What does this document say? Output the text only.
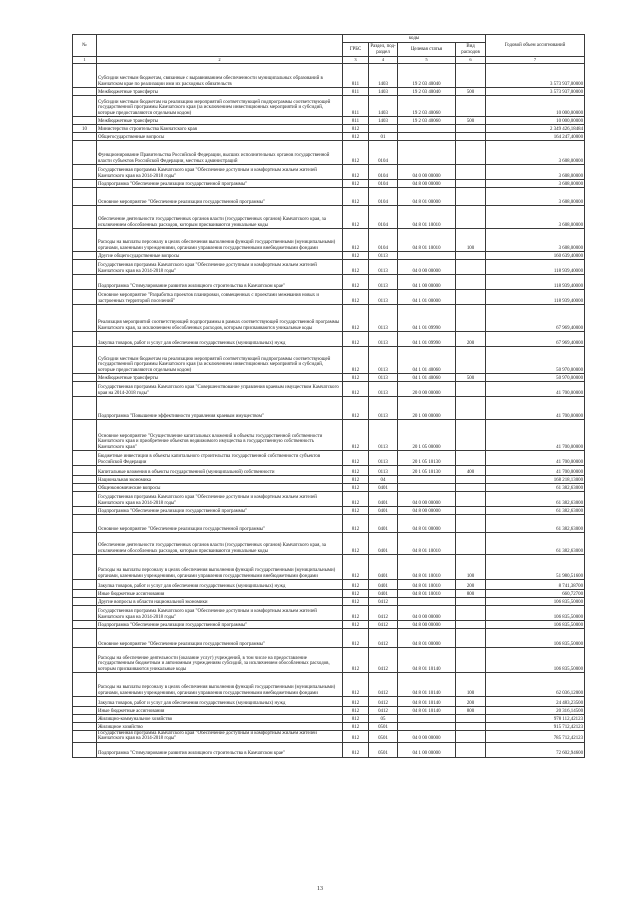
№		коды				Годовой объем ассигнований
		ГРБС	Раздел, под-раздел	Целевая статья	Вид расходов	
1	2	3	4	5	6	7
	Субсидии местным бюджетам, связанные с выравниванием обеспеченности муниципальных образований в Камчатском крае по реализации ими их расходных обязательств	811	1403	19 2 03 40040		3 573 937,00000
	Межбюджетные трансферты	811	1403	19 2 03 40040	500	3 573 937,00000
	Субсидии местным бюджетам на реализацию мероприятий соответствующей подпрограммы соответствующей государственной программы Камчатского края (за исключением инвестиционных мероприятий и субсидий, которые предоставляются отдельным кодом)	811	1403	19 2 03 40060		10 000,00000
	Межбюджетные трансферты	811	1403	19 2 03 40060	500	10 000,00000
10	Министерство строительства Камчатского края	812				2 349 426,18484
	Общегосударственные вопросы	812	01			164 247,40000
	Функционирование Правительства Российской Федерации, высших исполнительных органов государственной власти субъектов Российской Федерации, местных администраций	812	0104			3 608,00000
	Государственная программа Камчатского края "Обеспечение доступным и комфортным жильем жителей Камчатского края на 2014-2018 годы"	812	0104	04 0 00 00000		3 608,00000
	Подпрограмма "Обеспечение реализации государственной программы"	812	0104	04 8 00 00000		3 608,00000
	Основное мероприятие "Обеспечение реализации государственной программы"	812	0104	04 8 01 00000		3 608,00000
	Обеспечение деятельности государственных органов власти (государственных органов) Камчатского края, за исключением обособленных расходов, которым присваиваются уникальные коды	812	0104	04 8 01 10010		3 608,00000
	Расходы на выплаты персоналу в целях обеспечения выполнения функций государственными (муниципальными) органами, казенными учреждениями, органами управления государственными внебюджетными фондами	812	0104	04 8 01 10010	100	3 608,00000
	Другие общегосударственные вопросы	812	0113			160 639,40000
	Государственная программа Камчатского края "Обеспечение доступным и комфортным жильем жителей Камчатского края на 2014-2018 годы"	812	0113	04 0 00 00000		118 939,40000
	Подпрограмма "Стимулирование развития жилищного строительства в Камчатском крае"	812	0113	04 1 00 00000		118 939,40000
	Основное мероприятие "Разработка проектов планировки, совмещенных с проектами межевания новых и застроенных территорий поселений"	812	0113	04 1 01 00000		118 939,40000
	Реализация мероприятий соответствующей подпрограммы в рамках соответствующей государственной программы Камчатского края, за исключением обособленных расходов, которым присваиваются уникальные коды	812	0113	04 1 01 09990		67 969,40000
	Закупка товаров, работ и услуг для обеспечения государственных (муниципальных) нужд	812	0113	04 1 01 09990	200	67 969,40000
	Субсидии местным бюджетам на реализацию мероприятий соответствующей подпрограммы соответствующей государственной программы Камчатского края (за исключением инвестиционных мероприятий и субсидий, которые предоставляются отдельным кодом)	812	0113	04 1 01 40060		50 970,00000
	Межбюджетные трансферты	812	0113	04 1 01 40060	500	50 970,00000
	Государственная программа Камчатского края "Совершенствование управления краевым имуществом Камчатского края на 2014-2018 годы"	812	0113	20 0 00 00000		41 700,00000
	Подпрограмма "Повышение эффективности управления краевым имуществом"	812	0113	20 1 00 00000		41 700,00000
	Основное мероприятие "Осуществление капитальных вложений в объекты государственной собственности Камчатского края и приобретение объектов недвижимого имущества в государственную собственность Камчатского края"	812	0113	20 1 05 00000		41 700,00000
	Бюджетные инвестиции в объекты капитального строительства государственной собственности субъектов Российской Федерации	812	0113	20 1 05 10130		41 700,00000
	Капитальные вложения в объекты государственной (муниципальной) собственности	812	0113	20 1 05 10130	400	41 700,00000
	Национальная экономика	812	04			168 218,13000
	Общеэкономические вопросы	812	0401			61 382,63000
	Государственная программа Камчатского края "Обеспечение доступным и комфортным жильем жителей Камчатского края на 2014-2018 годы"	812	0401	04 0 00 00000		61 382,63000
	Подпрограмма "Обеспечение реализации государственной программы"	812	0401	04 8 00 00000		61 382,63000
	Основное мероприятие "Обеспечение реализации государственной программы"	812	0401	04 8 01 00000		61 382,63000
	Обеспечение деятельности государственных органов власти (государственных органов) Камчатского края, за исключением обособленных расходов, которым присваиваются уникальные коды	812	0401	04 8 01 10010		61 382,63000
	Расходы на выплаты персоналу в целях обеспечения выполнения функций государственными (муниципальными) органами, казенными учреждениями, органами управления государственными внебюджетными фондами	812	0401	04 8 01 10010	100	51 980,51600
	Закупка товаров, работ и услуг для обеспечения государственных (муниципальных) нужд	812	0401	04 8 01 10010	200	8 741,38700
	Иные бюджетные ассигнования	812	0401	04 8 01 10010	800	660,72700
	Другие вопросы в области национальной экономики	812	0412			106 835,50000
	Государственная программа Камчатского края "Обеспечение доступным и комфортным жильем жителей Камчатского края на 2014-2018 годы"	812	0412	04 0 00 00000		106 835,50000
	Подпрограмма "Обеспечение реализации государственной программы"	812	0412	04 8 00 00000		106 835,50000
	Основное мероприятие "Обеспечение реализации государственной программы"	812	0412	04 8 01 00000		106 835,50000
	Расходы на обеспечение деятельности (оказание услуг) учреждений, в том числе на предоставление государственным бюджетным и автономным учреждениям субсидий, за исключением обособленных расходов, которым присваиваются уникальные коды	812	0412	04 8 01 10140		106 835,50000
	Расходы на выплаты персоналу в целях обеспечения выполнения функций государственными (муниципальными) органами, казенными учреждениями, органами управления государственными внебюджетными фондами	812	0412	04 8 01 10140	100	62 036,12000
	Закупка товаров, работ и услуг для обеспечения государственных (муниципальных) нужд	812	0412	04 8 01 10140	200	24 483,23500
	Иные бюджетные ассигнования	812	0412	04 8 01 10140	800	20 316,14500
	Жилищно-коммунальное хозяйство	812	05			978 112,42123
	Жилищное хозяйство	812	0501			915 712,42123
	Государственная программа Камчатского края "Обеспечение доступным и комфортным жильем жителей Камчатского края на 2014-2018 годы"	812	0501	04 0 00 00000		785 712,42123
	Подпрограмма "Стимулирование развития жилищного строительства в Камчатском крае"	812	0501	04 1 00 00000		72 602,94600
13
